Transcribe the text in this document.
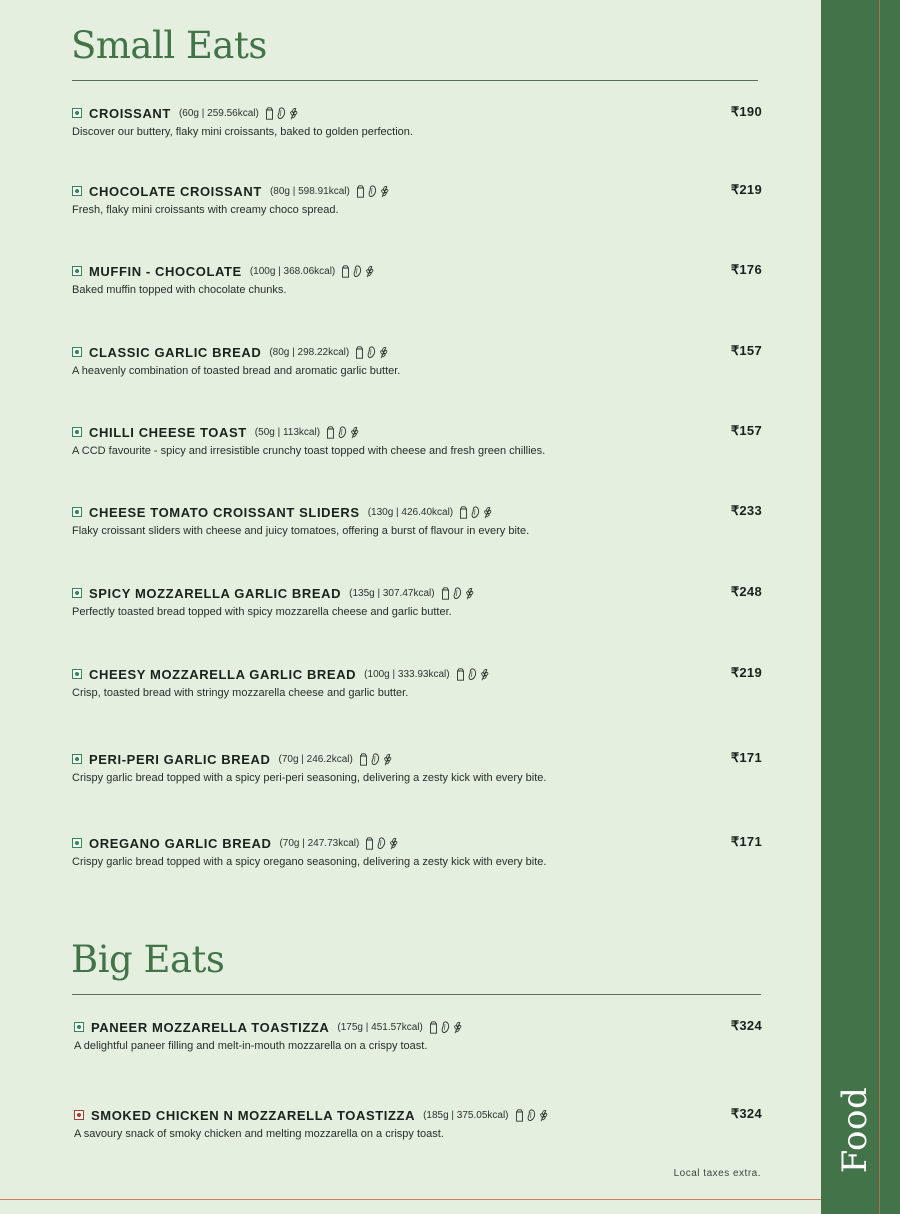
Food
Small Eats
Big Eats
CROISSANT (60g | 259.56kcal)	₹190
Discover our buttery, flaky mini croissants, baked to golden perfection.
CHOCOLATE CROISSANT (80g | 598.91kcal)	₹219
Fresh, flaky mini croissants with creamy choco spread.
MUFFIN - CHOCOLATE (100g | 368.06kcal)	₹176
Baked muffin topped with chocolate chunks.
CLASSIC GARLIC BREAD (80g | 298.22kcal)	₹157
A heavenly combination of toasted bread and aromatic garlic butter.
CHILLI CHEESE TOAST (50g | 113kcal)	₹157
A CCD favourite - spicy and irresistible crunchy toast topped with cheese and fresh green chillies.
CHEESE TOMATO CROISSANT SLIDERS (130g | 426.40kcal)	₹233
Flaky croissant sliders with cheese and juicy tomatoes, offering a burst of flavour in every bite.
SPICY MOZZARELLA GARLIC BREAD (135g | 307.47kcal)	₹248
Perfectly toasted bread topped with spicy mozzarella cheese and garlic butter.
CHEESY MOZZARELLA GARLIC BREAD (100g | 333.93kcal)	₹219
Crisp, toasted bread with stringy mozzarella cheese and garlic butter.
PERI-PERI GARLIC BREAD (70g | 246.2kcal)	₹171
Crispy garlic bread topped with a spicy peri-peri seasoning, delivering a zesty kick with every bite.
OREGANO GARLIC BREAD (70g | 247.73kcal)	₹171
Crispy garlic bread topped with a spicy oregano seasoning, delivering a zesty kick with every bite.
PANEER MOZZARELLA TOASTIZZA (175g | 451.57kcal)	₹324
A delightful paneer filling and melt-in-mouth mozzarella on a crispy toast.
SMOKED CHICKEN N MOZZARELLA TOASTIZZA (185g | 375.05kcal)	₹324
A savoury snack of smoky chicken and melting mozzarella on a crispy toast.
Local taxes extra.
